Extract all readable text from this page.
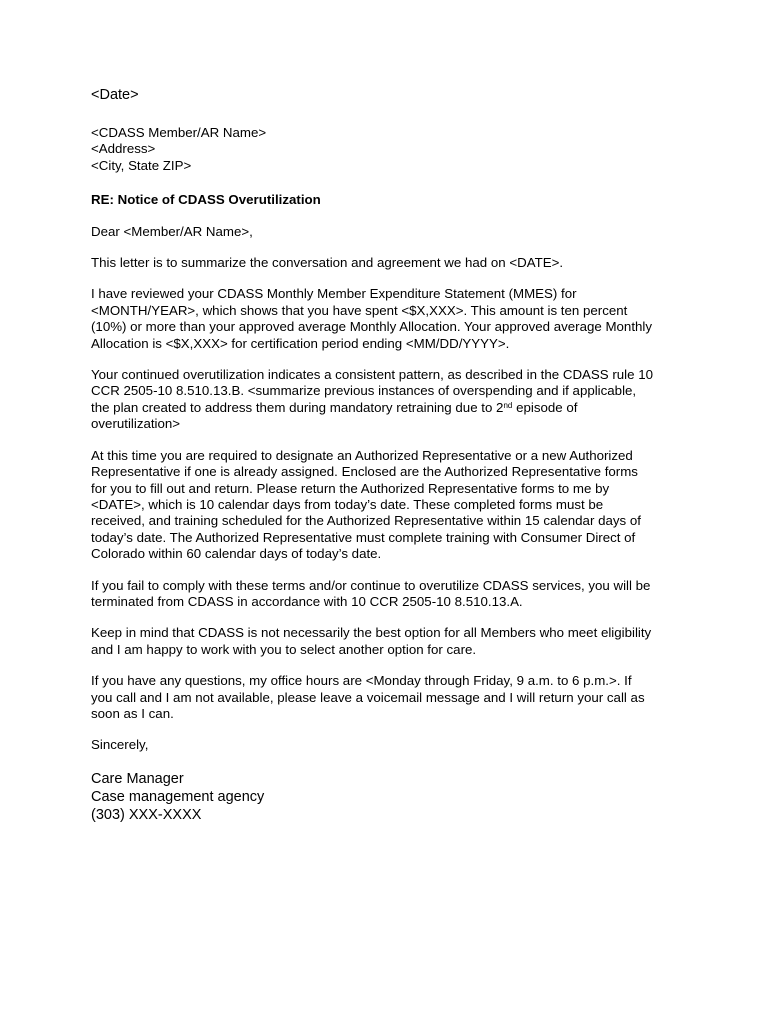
<Date>

<CDASS Member/AR Name>

<Address>

<City, State ZIP>

RE: Notice of CDASS Overutilization

Dear <Member/AR Name>,

This letter is to summarize the conversation and agreement we had on <DATE>.

I have reviewed your CDASS Monthly Member Expenditure Statement (MMES) for

<MONTH/YEAR>, which shows that you have spent <$X,XXX>. This amount is ten percent

(10%) or more than your approved average Monthly Allocation. Your approved average Monthly

Allocation is <$X,XXX> for certification period ending <MM/DD/YYYY>.

Your continued overutilization indicates a consistent pattern, as described in the CDASS rule 10

CCR 2505-10 8.510.13.B. <summarize previous instances of overspending and if applicable,

the plan created to address them during mandatory retraining due to 2nd episode of

overutilization>

At this time you are required to designate an Authorized Representative or a new Authorized

Representative if one is already assigned. Enclosed are the Authorized Representative forms

for you to fill out and return. Please return the Authorized Representative forms to me by

<DATE>, which is 10 calendar days from today’s date. These completed forms must be

received, and training scheduled for the Authorized Representative within 15 calendar days of

today’s date. The Authorized Representative must complete training with Consumer Direct of

Colorado within 60 calendar days of today’s date.

If you fail to comply with these terms and/or continue to overutilize CDASS services, you will be

terminated from CDASS in accordance with 10 CCR 2505-10 8.510.13.A.

Keep in mind that CDASS is not necessarily the best option for all Members who meet eligibility

and I am happy to work with you to select another option for care.

If you have any questions, my office hours are <Monday through Friday, 9 a.m. to 6 p.m.>. If

you call and I am not available, please leave a voicemail message and I will return your call as

soon as I can.

Sincerely,

Care Manager

Case management agency

(303) XXX-XXXX
